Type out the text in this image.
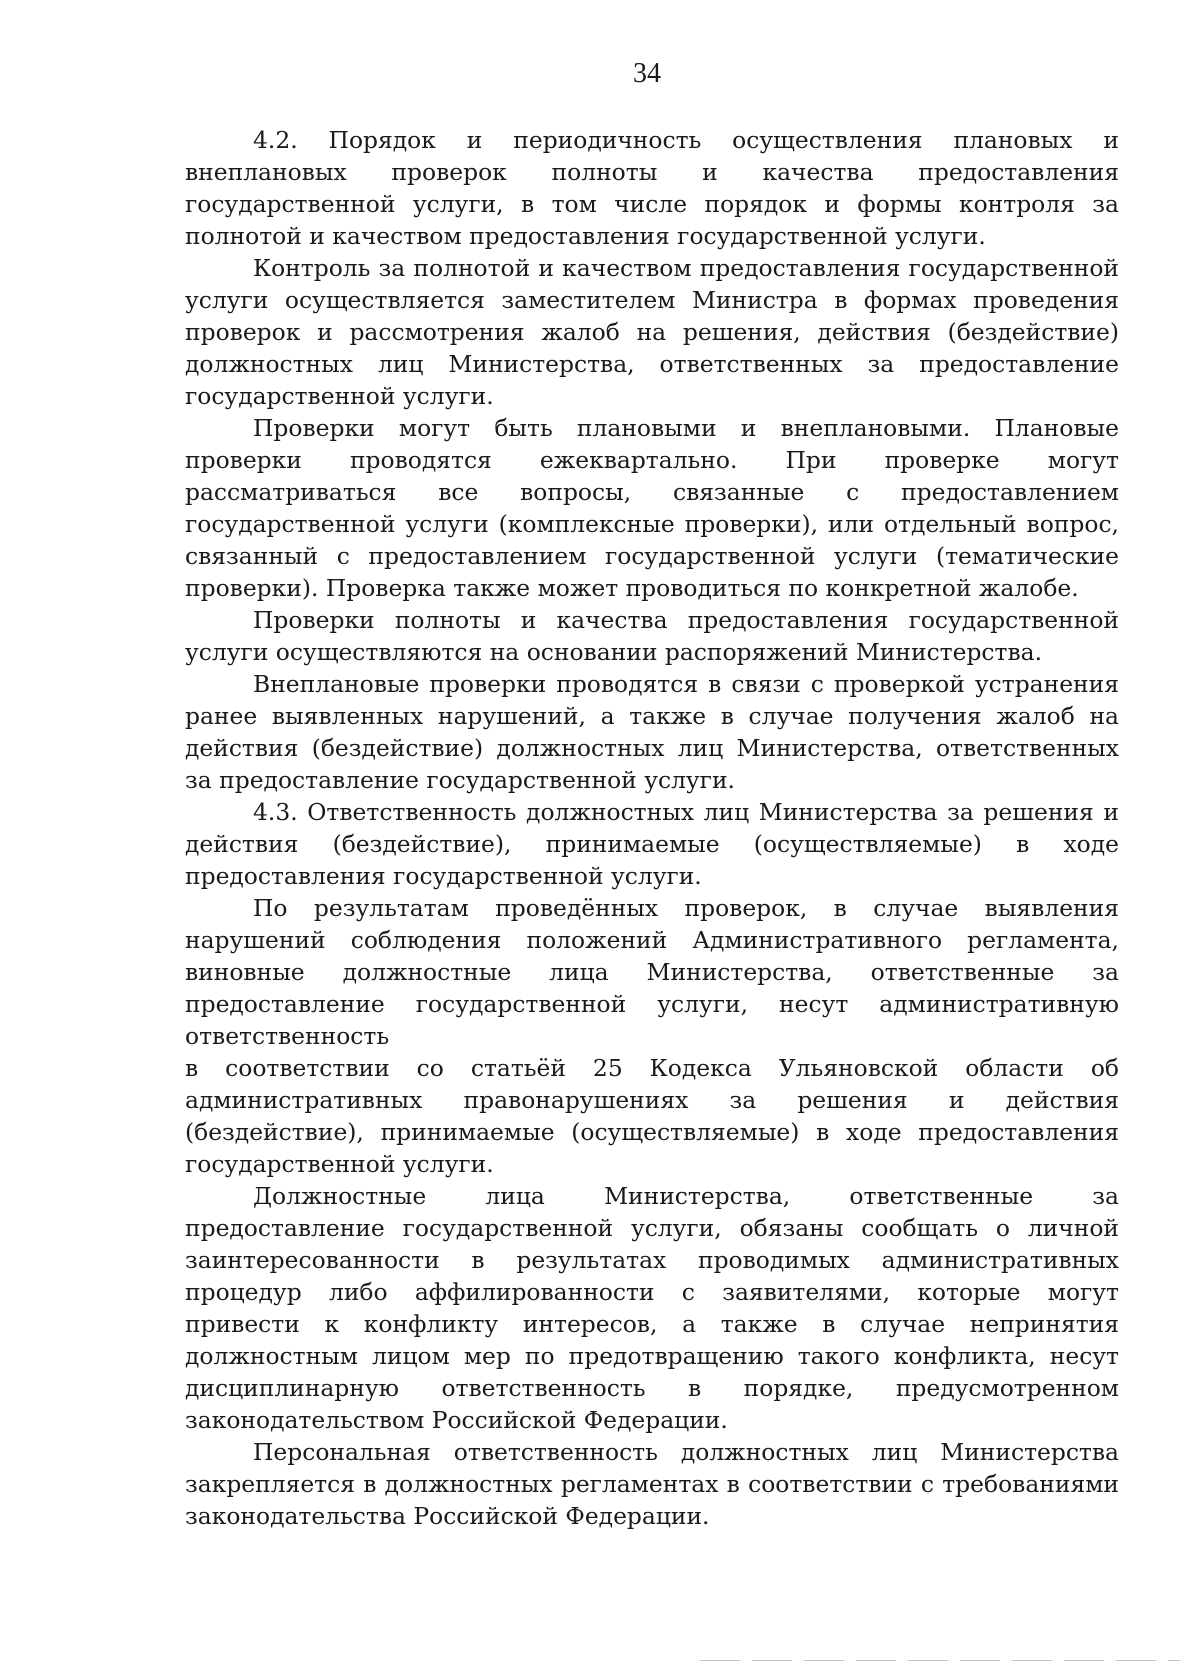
34

4.2. Порядок и периодичность осуществления плановых и внеплановых проверок полноты и качества предоставления государственной услуги, в том числе порядок и формы контроля за полнотой и качеством предоставления государственной услуги.

Контроль за полнотой и качеством предоставления государственной услуги осуществляется заместителем Министра в формах проведения проверок и рассмотрения жалоб на решения, действия (бездействие) должностных лиц Министерства, ответственных за предоставление государственной услуги.

Проверки могут быть плановыми и внеплановыми. Плановые проверки проводятся ежеквартально. При проверке могут рассматриваться все вопросы, связанные с предоставлением государственной услуги (комплексные проверки), или отдельный вопрос, связанный с предоставлением государственной услуги (тематические проверки). Проверка также может проводиться по конкретной жалобе.

Проверки полноты и качества предоставления государственной услуги осуществляются на основании распоряжений Министерства.

Внеплановые проверки проводятся в связи с проверкой устранения ранее выявленных нарушений, а также в случае получения жалоб на действия (бездействие) должностных лиц Министерства, ответственных за предоставление государственной услуги.

4.3. Ответственность должностных лиц Министерства за решения и действия (бездействие), принимаемые (осуществляемые) в ходе предоставления государственной услуги.

По результатам проведённых проверок, в случае выявления нарушений соблюдения положений Административного регламента, виновные должностные лица Министерства, ответственные за предоставление государственной услуги, несут административную ответственность

в соответствии со статьёй 25 Кодекса Ульяновской области об административных правонарушениях за решения и действия (бездействие), принимаемые (осуществляемые) в ходе предоставления государственной услуги.

Должностные лица Министерства, ответственные за предоставление государственной услуги, обязаны сообщать о личной заинтересованности в результатах проводимых административных процедур либо аффилированности с заявителями, которые могут привести к конфликту интересов, а также в случае непринятия должностным лицом мер по предотвращению такого конфликта, несут дисциплинарную ответственность в порядке, предусмотренном законодательством Российской Федерации.

Персональная ответственность должностных лиц Министерства закрепляется в должностных регламентах в соответствии с требованиями законодательства Российской Федерации.
